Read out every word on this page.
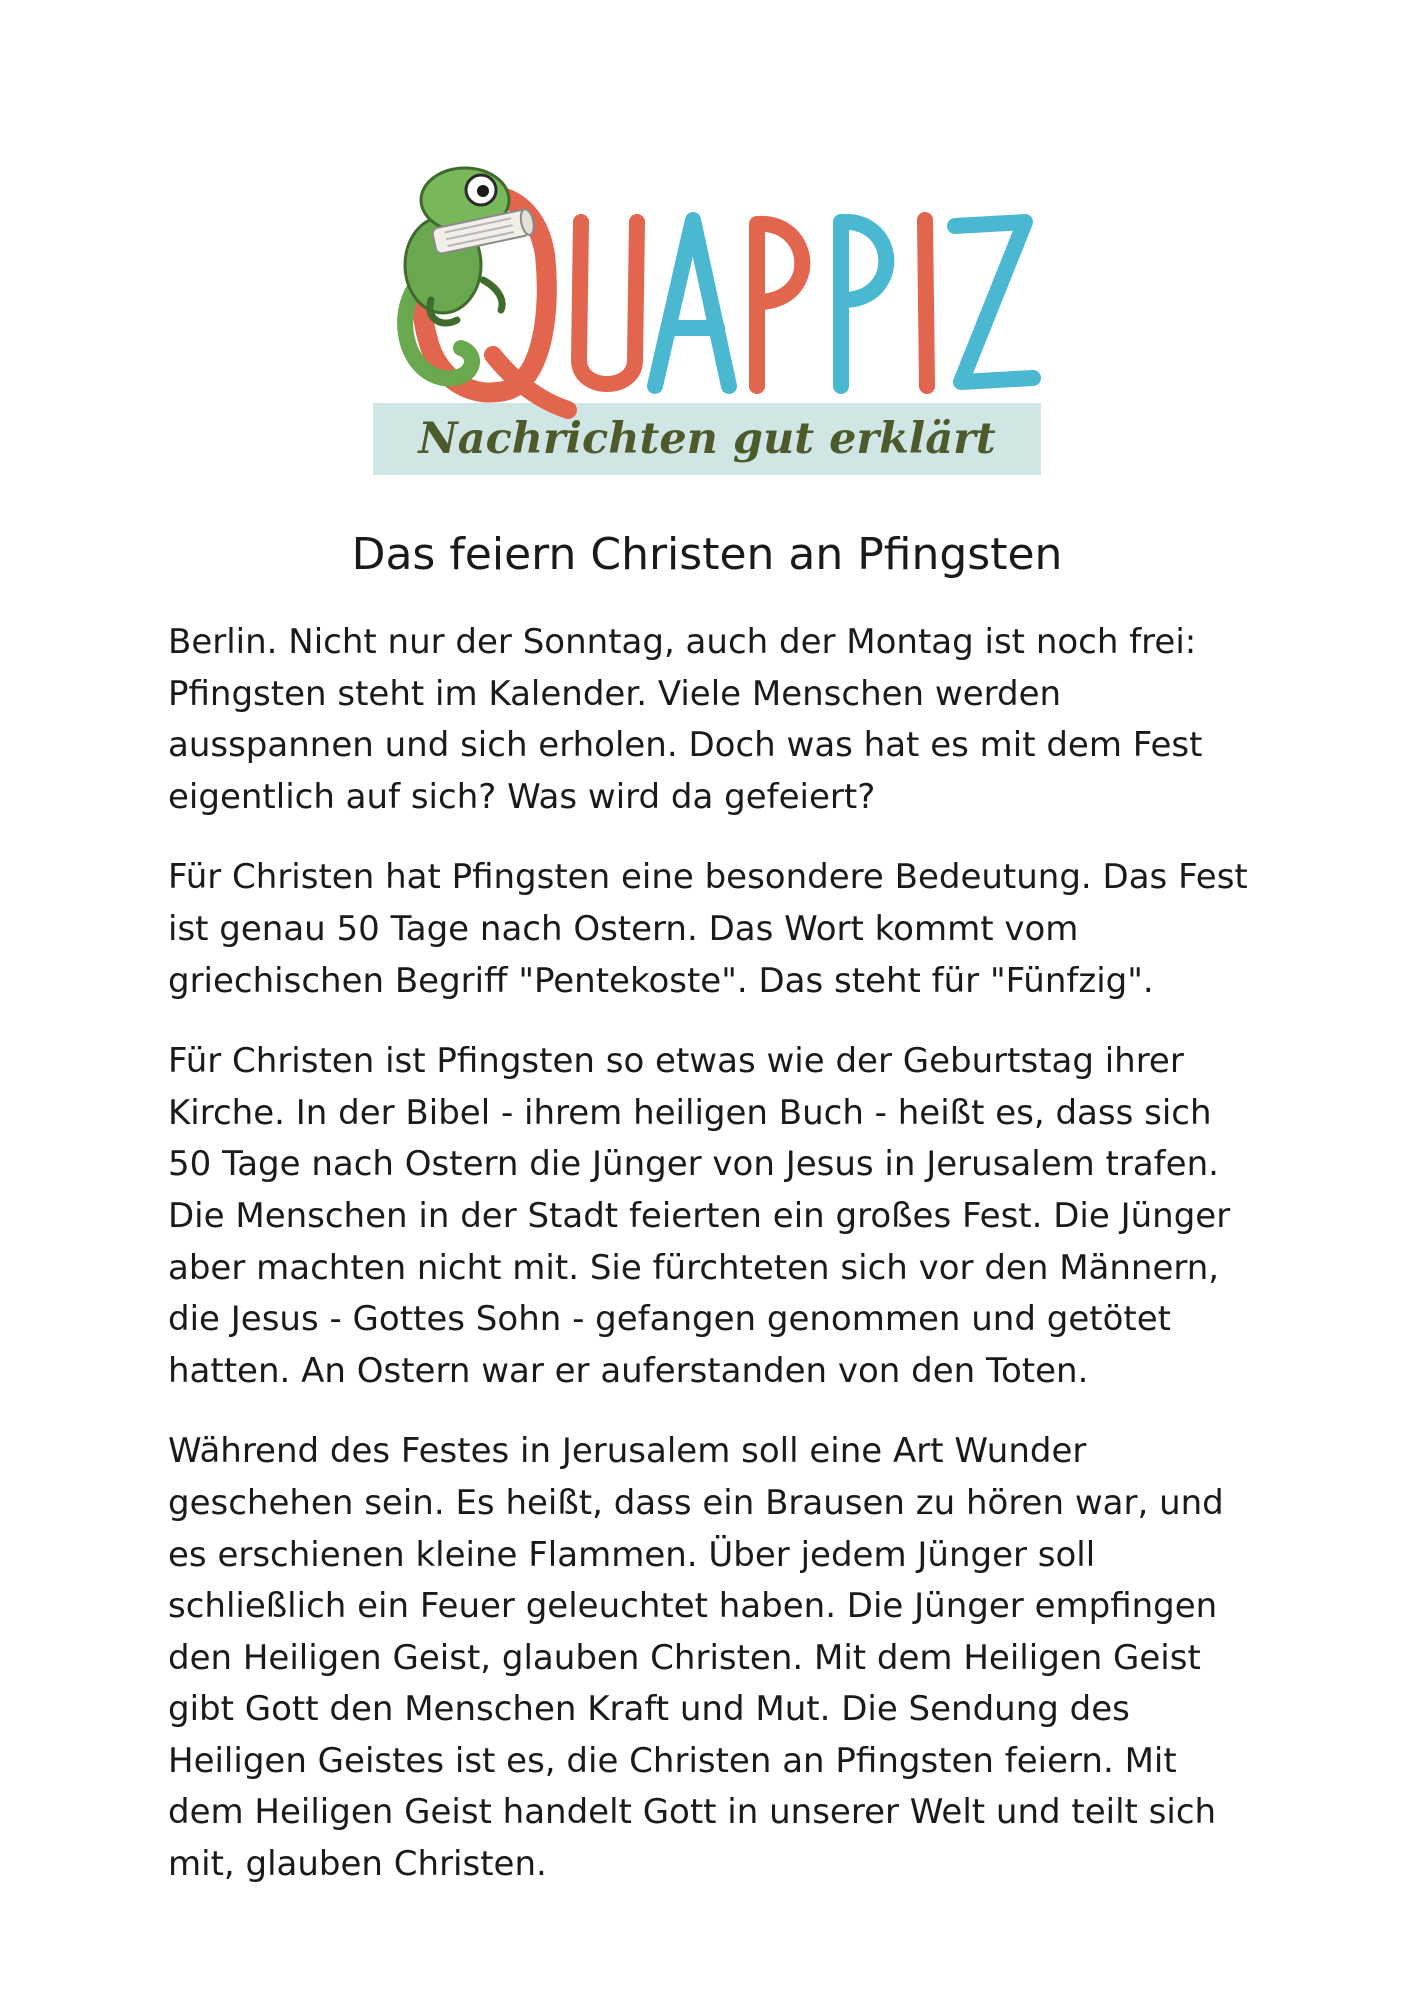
Nachrichten gut erklärt
Das feiern Christen an Pfingsten

Berlin. Nicht nur der Sonntag, auch der Montag ist noch frei: Pfingsten steht im Kalender. Viele Menschen werden ausspannen und sich erholen. Doch was hat es mit dem Fest eigentlich auf sich? Was wird da gefeiert?

Für Christen hat Pfingsten eine besondere Bedeutung. Das Fest ist genau 50 Tage nach Ostern. Das Wort kommt vom griechischen Begriff "Pentekoste". Das steht für "Fünfzig".

Für Christen ist Pfingsten so etwas wie der Geburtstag ihrer Kirche. In der Bibel - ihrem heiligen Buch - heißt es, dass sich 50 Tage nach Ostern die Jünger von Jesus in Jerusalem trafen. Die Menschen in der Stadt feierten ein großes Fest. Die Jünger aber machten nicht mit. Sie fürchteten sich vor den Männern, die Jesus - Gottes Sohn - gefangen genommen und getötet hatten. An Ostern war er auferstanden von den Toten.

Während des Festes in Jerusalem soll eine Art Wunder geschehen sein. Es heißt, dass ein Brausen zu hören war, und es erschienen kleine Flammen. Über jedem Jünger soll schließlich ein Feuer geleuchtet haben. Die Jünger empfingen den Heiligen Geist, glauben Christen. Mit dem Heiligen Geist gibt Gott den Menschen Kraft und Mut. Die Sendung des Heiligen Geistes ist es, die Christen an Pfingsten feiern. Mit dem Heiligen Geist handelt Gott in unserer Welt und teilt sich mit, glauben Christen.
